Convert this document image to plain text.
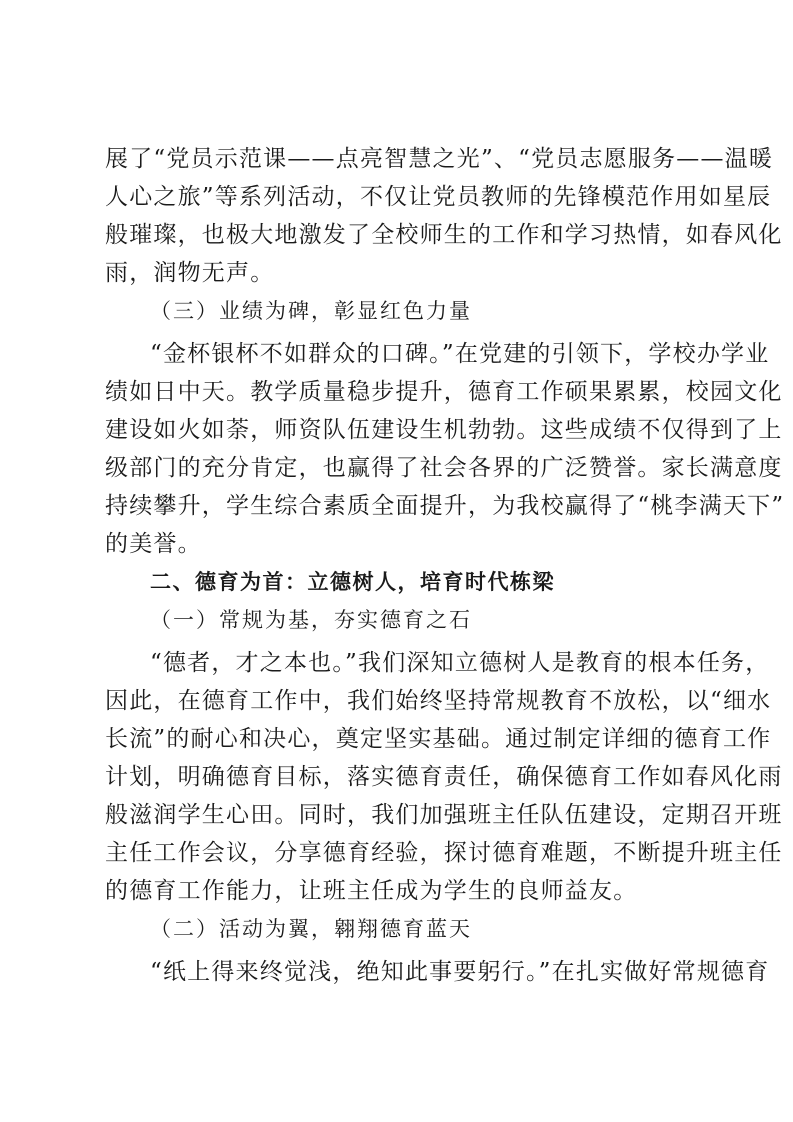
展了“党员示范课——点亮智慧之光”、“党员志愿服务——温暖
人心之旅”等系列活动，不仅让党员教师的先锋模范作用如星辰
般璀璨，也极大地激发了全校师生的工作和学习热情，如春风化
雨，润物无声。
（三）业绩为碑，彰显红色力量
“金杯银杯不如群众的口碑。”在党建的引领下，学校办学业
绩如日中天。教学质量稳步提升，德育工作硕果累累，校园文化
建设如火如荼，师资队伍建设生机勃勃。这些成绩不仅得到了上
级部门的充分肯定，也赢得了社会各界的广泛赞誉。家长满意度
持续攀升，学生综合素质全面提升，为我校赢得了“桃李满天下”
的美誉。
二、德育为首：立德树人，培育时代栋梁
（一）常规为基，夯实德育之石
“德者，才之本也。”我们深知立德树人是教育的根本任务，
因此，在德育工作中，我们始终坚持常规教育不放松，以“细水
长流”的耐心和决心，奠定坚实基础。通过制定详细的德育工作
计划，明确德育目标，落实德育责任，确保德育工作如春风化雨
般滋润学生心田。同时，我们加强班主任队伍建设，定期召开班
主任工作会议，分享德育经验，探讨德育难题，不断提升班主任
的德育工作能力，让班主任成为学生的良师益友。
（二）活动为翼，翱翔德育蓝天
“纸上得来终觉浅，绝知此事要躬行。”在扎实做好常规德育
